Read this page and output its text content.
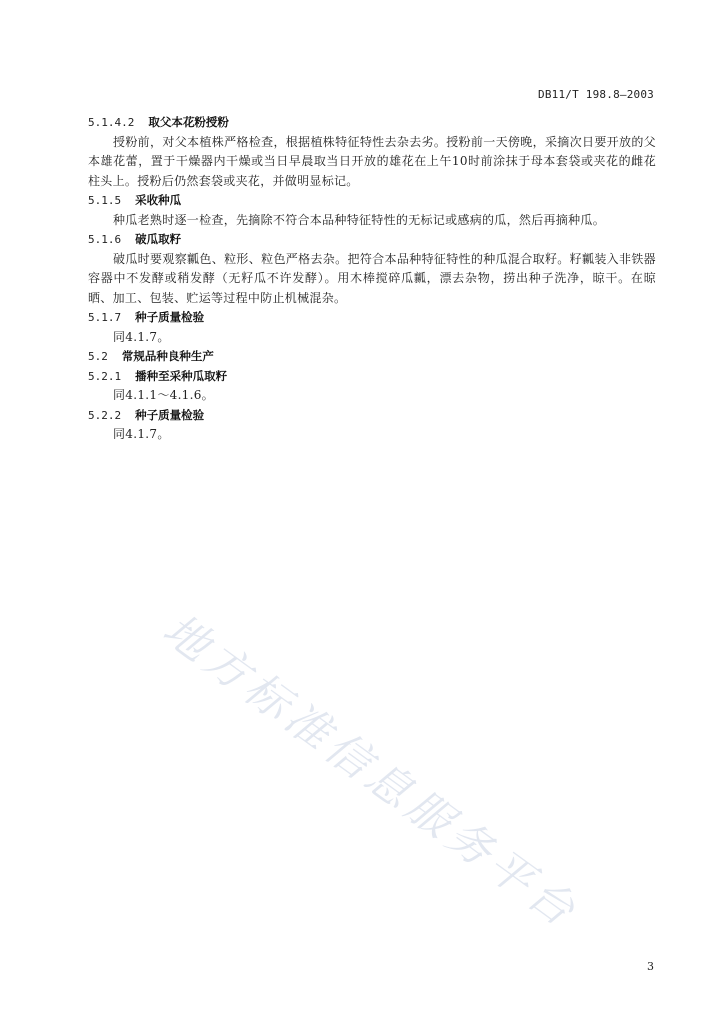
DB11/T 198.8—2003
5.1.4.2 取父本花粉授粉
授粉前，对父本植株严格检查，根据植株特征特性去杂去劣。授粉前一天傍晚，采摘次日要开放的父本雄花蕾，置于干燥器内干燥或当日早晨取当日开放的雄花在上午10时前涂抹于母本套袋或夹花的雌花柱头上。授粉后仍然套袋或夹花，并做明显标记。
5.1.5 采收种瓜
种瓜老熟时逐一检查，先摘除不符合本品种特征特性的无标记或感病的瓜，然后再摘种瓜。
5.1.6 破瓜取籽
破瓜时要观察瓤色、粒形、粒色严格去杂。把符合本品种特征特性的种瓜混合取籽。籽瓤装入非铁器容器中不发酵或稍发酵（无籽瓜不许发酵）。用木棒搅碎瓜瓤，漂去杂物，捞出种子洗净，晾干。在晾晒、加工、包装、贮运等过程中防止机械混杂。
5.1.7 种子质量检验
同4.1.7。
5.2 常规品种良种生产
5.2.1 播种至采种瓜取籽
同4.1.1～4.1.6。
5.2.2 种子质量检验
同4.1.7。
地方标准信息服务平台
3
